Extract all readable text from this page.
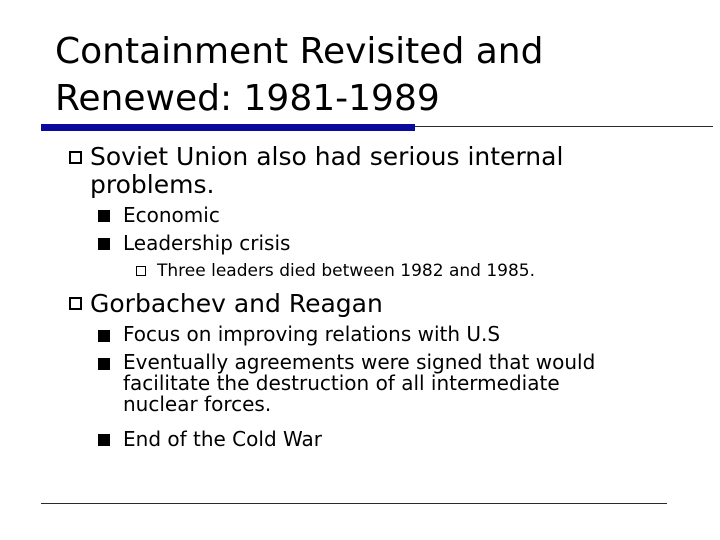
Containment Revisited and
Renewed: 1981-1989
Soviet Union also had serious internal
problems.
Economic
Leadership crisis
Three leaders died between 1982 and 1985.
Gorbachev and Reagan
Focus on improving relations with U.S
Eventually agreements were signed that would
facilitate the destruction of all intermediate
nuclear forces.
End of the Cold War
